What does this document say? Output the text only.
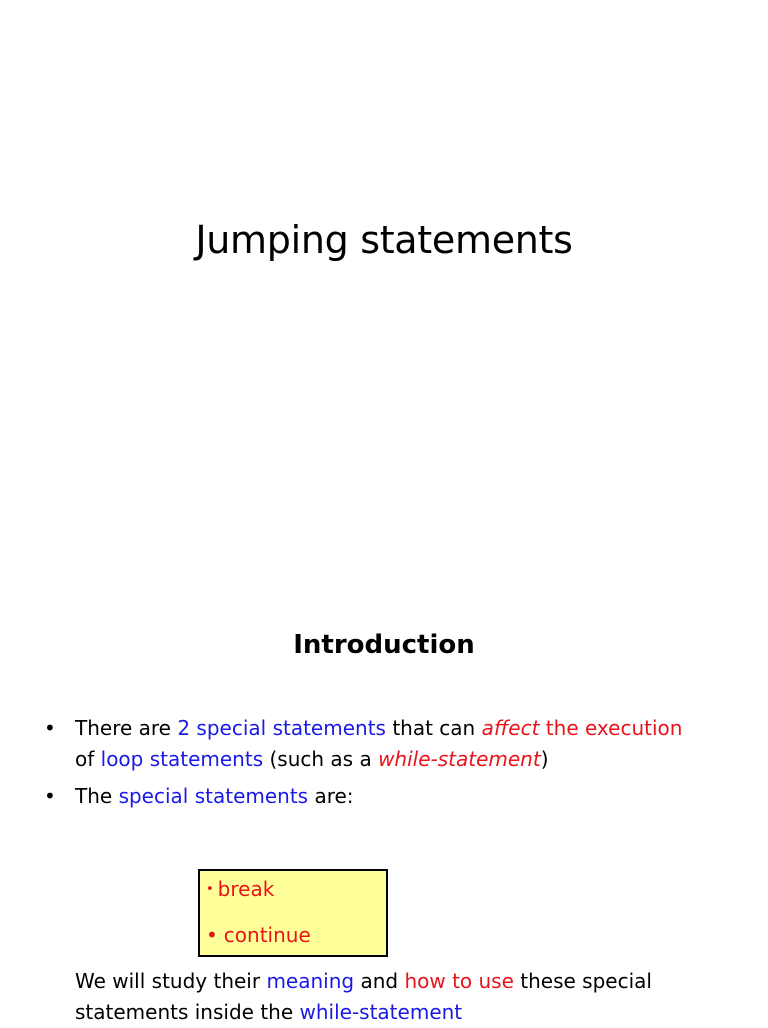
Jumping statements
Introduction
• There are 2 special statements that can affect the execution
of loop statements (such as a while-statement)
• The special statements are:
• break
• continue
We will study their meaning and how to use these special
statements inside the while-statement
